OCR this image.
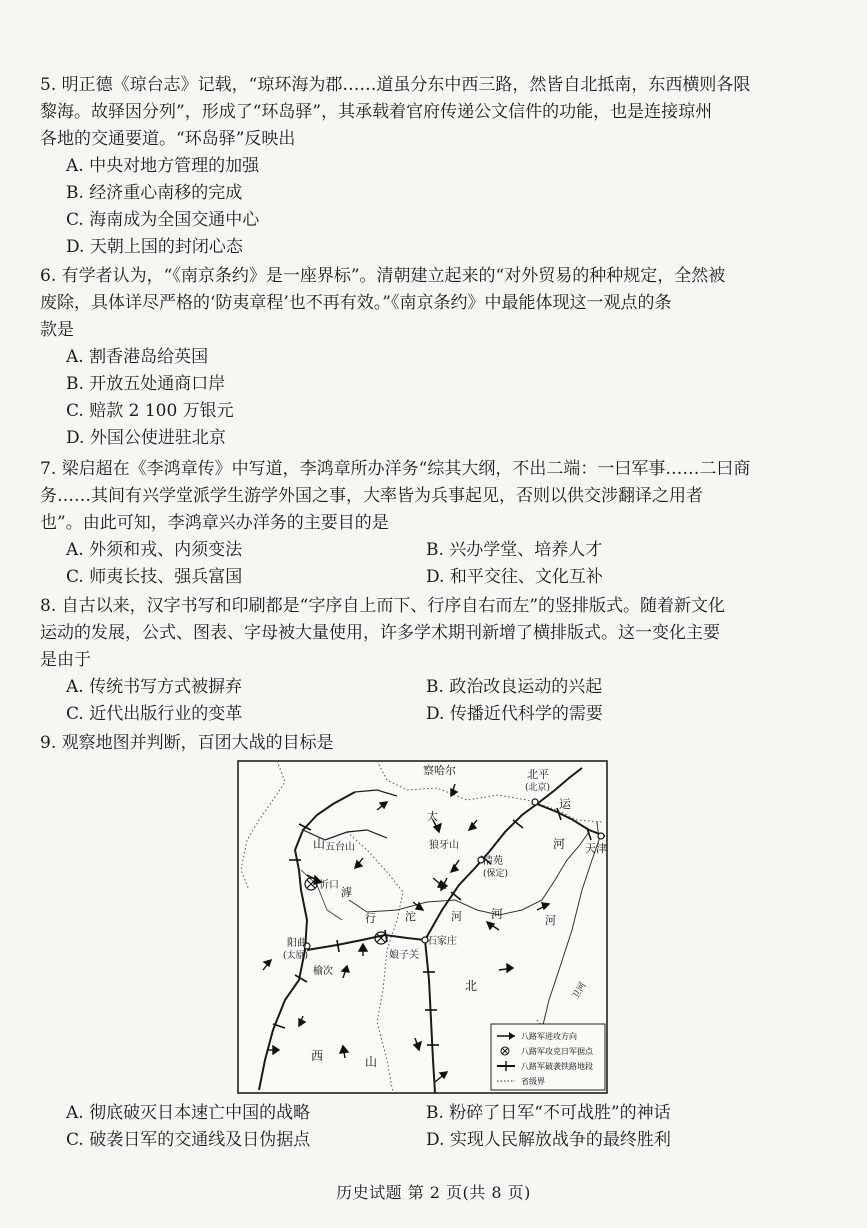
5. 明正德《琼台志》记载，“琼环海为郡……道虽分东中西三路，然皆自北抵南，东西横则各限

黎海。故驿因分列”，形成了“环岛驿”，其承载着官府传递公文信件的功能，也是连接琼州

各地的交通要道。“环岛驿”反映出

A. 中央对地方管理的加强

B. 经济重心南移的完成

C. 海南成为全国交通中心

D. 天朝上国的封闭心态

6. 有学者认为，“《南京条约》是一座界标”。清朝建立起来的“对外贸易的种种规定，全然被

废除，具体详尽严格的‘防夷章程’也不再有效。”《南京条约》中最能体现这一观点的条

款是

A. 割香港岛给英国

B. 开放五处通商口岸

C. 赔款 2 100 万银元

D. 外国公使进驻北京

7. 梁启超在《李鸿章传》中写道，李鸿章所办洋务“综其大纲，不出二端：一曰军事……二曰商

务……其间有兴学堂派学生游学外国之事，大率皆为兵事起见，否则以供交涉翻译之用者

也”。由此可知，李鸿章兴办洋务的主要目的是

A. 外须和戎、内须变法	B. 兴办学堂、培养人才

C. 师夷长技、强兵富国	D. 和平交往、文化互补

8. 自古以来，汉字书写和印刷都是“字序自上而下、行序自右而左”的竖排版式。随着新文化

运动的发展，公式、图表、字母被大量使用，许多学术期刊新增了横排版式。这一变化主要

是由于

A. 传统书写方式被摒弃	B. 政治改良运动的兴起

C. 近代出版行业的变革	D. 传播近代科学的需要

9. 观察地图并判断，百团大战的目标是

察哈尔	北平
(北京)
天津
五台山	狼牙山
清苑
(保定)
忻口
阳曲
(太原)
榆次
娘子关
石家庄
北
西
山
山
河
河
运
河
滹
沱	河
行
太
卫河
八路军进攻方向
八路军攻克日军据点
八路军破袭铁路地段
省级界

A. 彻底破灭日本速亡中国的战略	B. 粉碎了日军“不可战胜”的神话

C. 破袭日军的交通线及日伪据点	D. 实现人民解放战争的最终胜利

历史试题 第 2 页(共 8 页)
